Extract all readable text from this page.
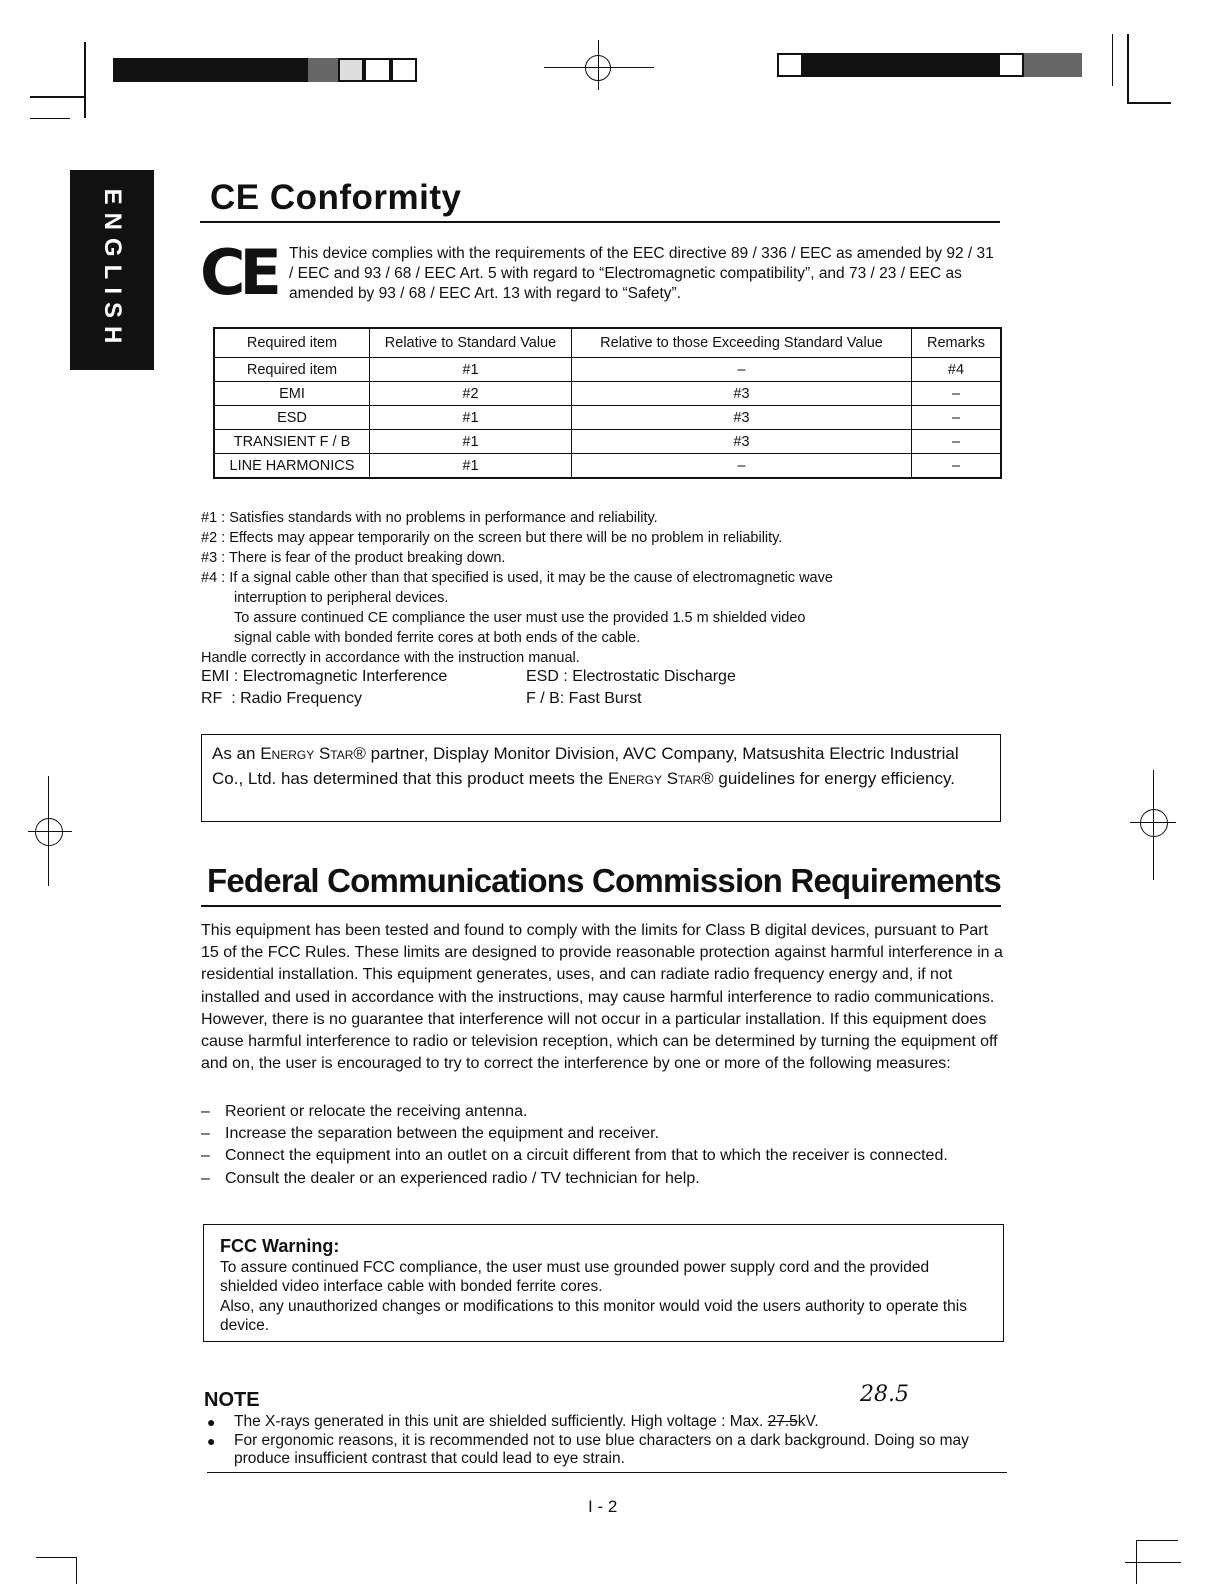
ENGLISH CE Conformity
CE This device complies with the requirements of the EEC directive 89 / 336 / EEC as amended by 92 / 31 / EEC and 93 / 68 / EEC Art. 5 with regard to “Electromagnetic compatibility”, and 73 / 23 / EEC as amended by 93 / 68 / EEC Art. 13 with regard to “Safety”.
Required item	Relative to Standard Value	Relative to those Exceeding Standard Value	Remarks
Required item	#1	–	#4
EMI	#2	#3	–
ESD	#1	#3	–
TRANSIENT F / B	#1	#3	–
LINE HARMONICS	#1	–	–
#1 : Satisfies standards with no problems in performance and reliability.
#2 : Effects may appear temporarily on the screen but there will be no problem in reliability.
#3 : There is fear of the product breaking down.
#4 : If a signal cable other than that specified is used, it may be the cause of electromagnetic wave
interruption to peripheral devices.
To assure continued CE compliance the user must use the provided 1.5 m shielded video
signal cable with bonded ferrite cores at both ends of the cable.
Handle correctly in accordance with the instruction manual.
EMI : Electromagnetic Interference
RF  : Radio Frequency
ESD : Electrostatic Discharge
F / B: Fast Burst
As an Energy Star® partner, Display Monitor Division, AVC Company, Matsushita Electric Industrial Co., Ltd. has determined that this product meets the Energy Star® guidelines for energy efficiency.
Federal Communications Commission Requirements
This equipment has been tested and found to comply with the limits for Class B digital devices, pursuant to Part 15 of the FCC Rules. These limits are designed to provide reasonable protection against harmful interference in a residential installation. This equipment generates, uses, and can radiate radio frequency energy and, if not installed and used in accordance with the instructions, may cause harmful interference to radio communications. However, there is no guarantee that interference will not occur in a particular installation. If this equipment does cause harmful interference to radio or television reception, which can be determined by turning the equipment off and on, the user is encouraged to try to correct the interference by one or more of the following measures:
– Reorient or relocate the receiving antenna.
– Increase the separation between the equipment and receiver.
– Connect the equipment into an outlet on a circuit different from that to which the receiver is connected.
– Consult the dealer or an experienced radio / TV technician for help.
FCC Warning:
To assure continued FCC compliance, the user must use grounded power supply cord and the provided shielded video interface cable with bonded ferrite cores.
Also, any unauthorized changes or modifications to this monitor would void the users authority to operate this device.
NOTE	28.5
●	The X-rays generated in this unit are shielded sufficiently. High voltage : Max. 27.5kV.
●	For ergonomic reasons, it is recommended not to use blue characters on a dark background. Doing so may produce insufficient contrast that could lead to eye strain.
I - 2
